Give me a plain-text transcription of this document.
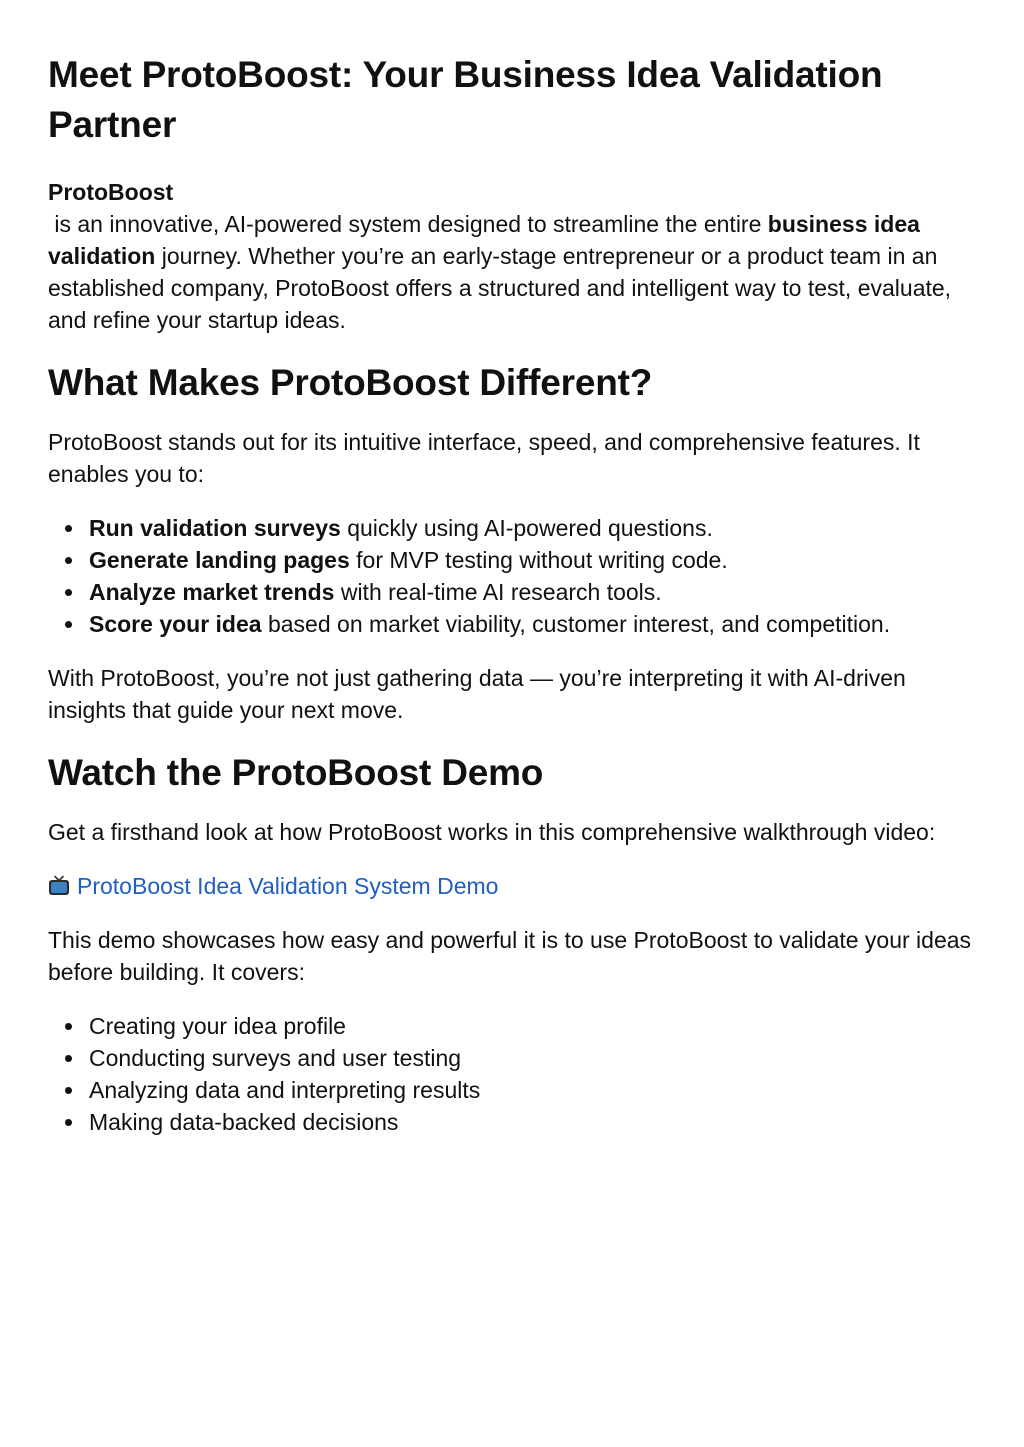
Meet ProtoBoost: Your Business Idea Validation Partner

ProtoBoost is an innovative, AI-powered system designed to streamline the entire business idea validation journey. Whether you’re an early-stage entrepreneur or a product team in an established company, ProtoBoost offers a structured and intelligent way to test, evaluate, and refine your startup ideas.

What Makes ProtoBoost Different?

ProtoBoost stands out for its intuitive interface, speed, and comprehensive features. It enables you to:

Run validation surveys quickly using AI-powered questions.
Generate landing pages for MVP testing without writing code.
Analyze market trends with real-time AI research tools.
Score your idea based on market viability, customer interest, and competition.

With ProtoBoost, you’re not just gathering data — you’re interpreting it with AI-driven insights that guide your next move.

Watch the ProtoBoost Demo

Get a firsthand look at how ProtoBoost works in this comprehensive walkthrough video:

ProtoBoost Idea Validation System Demo

This demo showcases how easy and powerful it is to use ProtoBoost to validate your ideas before building. It covers:

Creating your idea profile
Conducting surveys and user testing
Analyzing data and interpreting results
Making data-backed decisions
